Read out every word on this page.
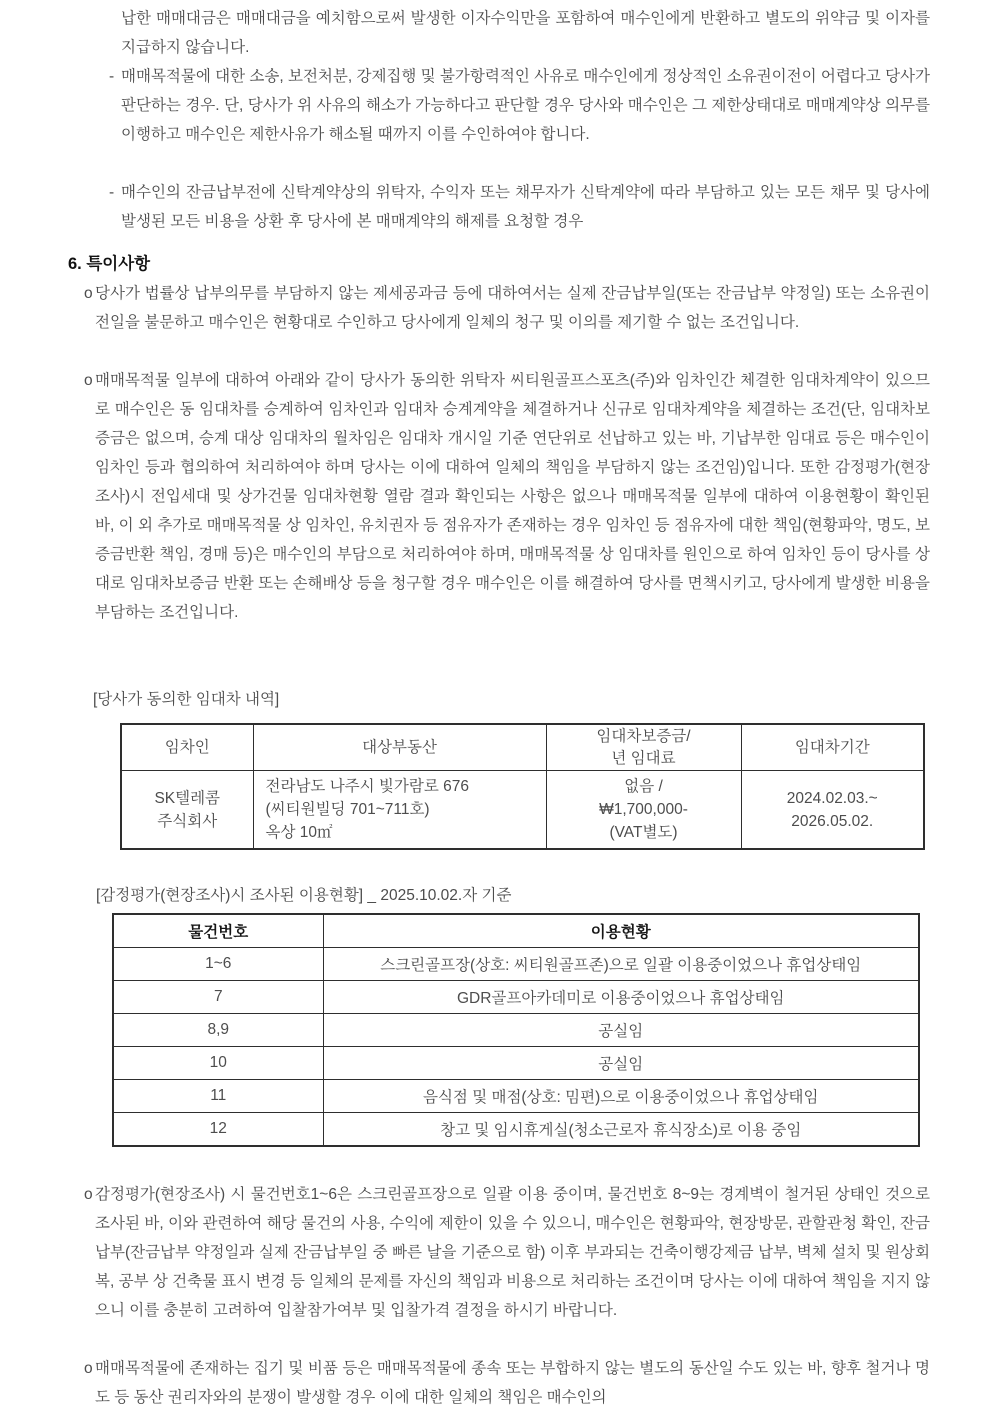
납한 매매대금은 매매대금을 예치함으로써 발생한 이자수익만을 포함하여 매수인에게 반환하고 별도의 위약금 및 이자를 지급하지 않습니다.

- 매매목적물에 대한 소송, 보전처분, 강제집행 및 불가항력적인 사유로 매수인에게 정상적인 소유권이전이 어렵다고 당사가 판단하는 경우. 단, 당사가 위 사유의 해소가 가능하다고 판단할 경우 당사와 매수인은 그 제한상태대로 매매계약상 의무를 이행하고 매수인은 제한사유가 해소될 때까지 이를 수인하여야 합니다.
- 매수인의 잔금납부전에 신탁계약상의 위탁자, 수익자 또는 채무자가 신탁계약에 따라 부담하고 있는 모든 채무 및 당사에 발생된 모든 비용을 상환 후 당사에 본 매매계약의 해제를 요청할 경우
6. 특이사항
o 당사가 법률상 납부의무를 부담하지 않는 제세공과금 등에 대하여서는 실제 잔금납부일(또는 잔금납부 약정일) 또는 소유권이전일을 불문하고 매수인은 현황대로 수인하고 당사에게 일체의 청구 및 이의를 제기할 수 없는 조건입니다.
o 매매목적물 일부에 대하여 아래와 같이 당사가 동의한 위탁자 씨티원골프스포츠(주)와 임차인간 체결한 임대차계약이 있으므로 매수인은 동 임대차를 승계하여 임차인과 임대차 승계계약을 체결하거나 신규로 임대차계약을 체결하는 조건(단, 임대차보증금은 없으며, 승계 대상 임대차의 월차임은 임대차 개시일 기준 연단위로 선납하고 있는 바, 기납부한 임대료 등은 매수인이 임차인 등과 협의하여 처리하여야 하며 당사는 이에 대하여 일체의 책임을 부담하지 않는 조건임)입니다. 또한 감정평가(현장조사)시 전입세대 및 상가건물 임대차현황 열람 결과 확인되는 사항은 없으나 매매목적물 일부에 대하여 이용현황이 확인된 바, 이 외 추가로 매매목적물 상 임차인, 유치권자 등 점유자가 존재하는 경우 임차인 등 점유자에 대한 책임(현황파악, 명도, 보증금반환 책임, 경매 등)은 매수인의 부담으로 처리하여야 하며, 매매목적물 상 임대차를 원인으로 하여 임차인 등이 당사를 상대로 임대차보증금 반환 또는 손해배상 등을 청구할 경우 매수인은 이를 해결하여 당사를 면책시키고, 당사에게 발생한 비용을 부담하는 조건입니다.

[당사가 동의한 임대차 내역]

임차인	대상부동산	임대차보증금/
년 임대료	임대차기간

SK텔레콤
주식회사	전라남도 나주시 빛가람로 676
(씨티원빌딩 701~711호)
옥상 10㎡	없음 /
₩1,700,000-
(VAT별도)	2024.02.03.~
2026.05.02.

[감정평가(현장조사)시 조사된 이용현황] _ 2025.10.02.자 기준

물건번호	이용현황
1~6	스크린골프장(상호: 씨티원골프존)으로 일괄 이용중이었으나 휴업상태임
7	GDR골프아카데미로 이용중이었으나 휴업상태임
8,9	공실임
10	공실임
11	음식점 및 매점(상호: 밈편)으로 이용중이었으나 휴업상태임
12	창고 및 임시휴게실(청소근로자 휴식장소)로 이용 중임
o 감정평가(현장조사) 시 물건번호1~6은 스크린골프장으로 일괄 이용 중이며, 물건번호 8~9는 경계벽이 철거된 상태인 것으로 조사된 바, 이와 관련하여 해당 물건의 사용, 수익에 제한이 있을 수 있으니, 매수인은 현황파악, 현장방문, 관할관청 확인, 잔금납부(잔금납부 약정일과 실제 잔금납부일 중 빠른 날을 기준으로 함) 이후 부과되는 건축이행강제금 납부, 벽체 설치 및 원상회복, 공부 상 건축물 표시 변경 등 일체의 문제를 자신의 책임과 비용으로 처리하는 조건이며 당사는 이에 대하여 책임을 지지 않으니 이를 충분히 고려하여 입찰참가여부 및 입찰가격 결정을 하시기 바랍니다.
o 매매목적물에 존재하는 집기 및 비품 등은 매매목적물에 종속 또는 부합하지 않는 별도의 동산일 수도 있는 바, 향후 철거나 명도 등 동산 권리자와의 분쟁이 발생할 경우 이에 대한 일체의 책임은 매수인의
